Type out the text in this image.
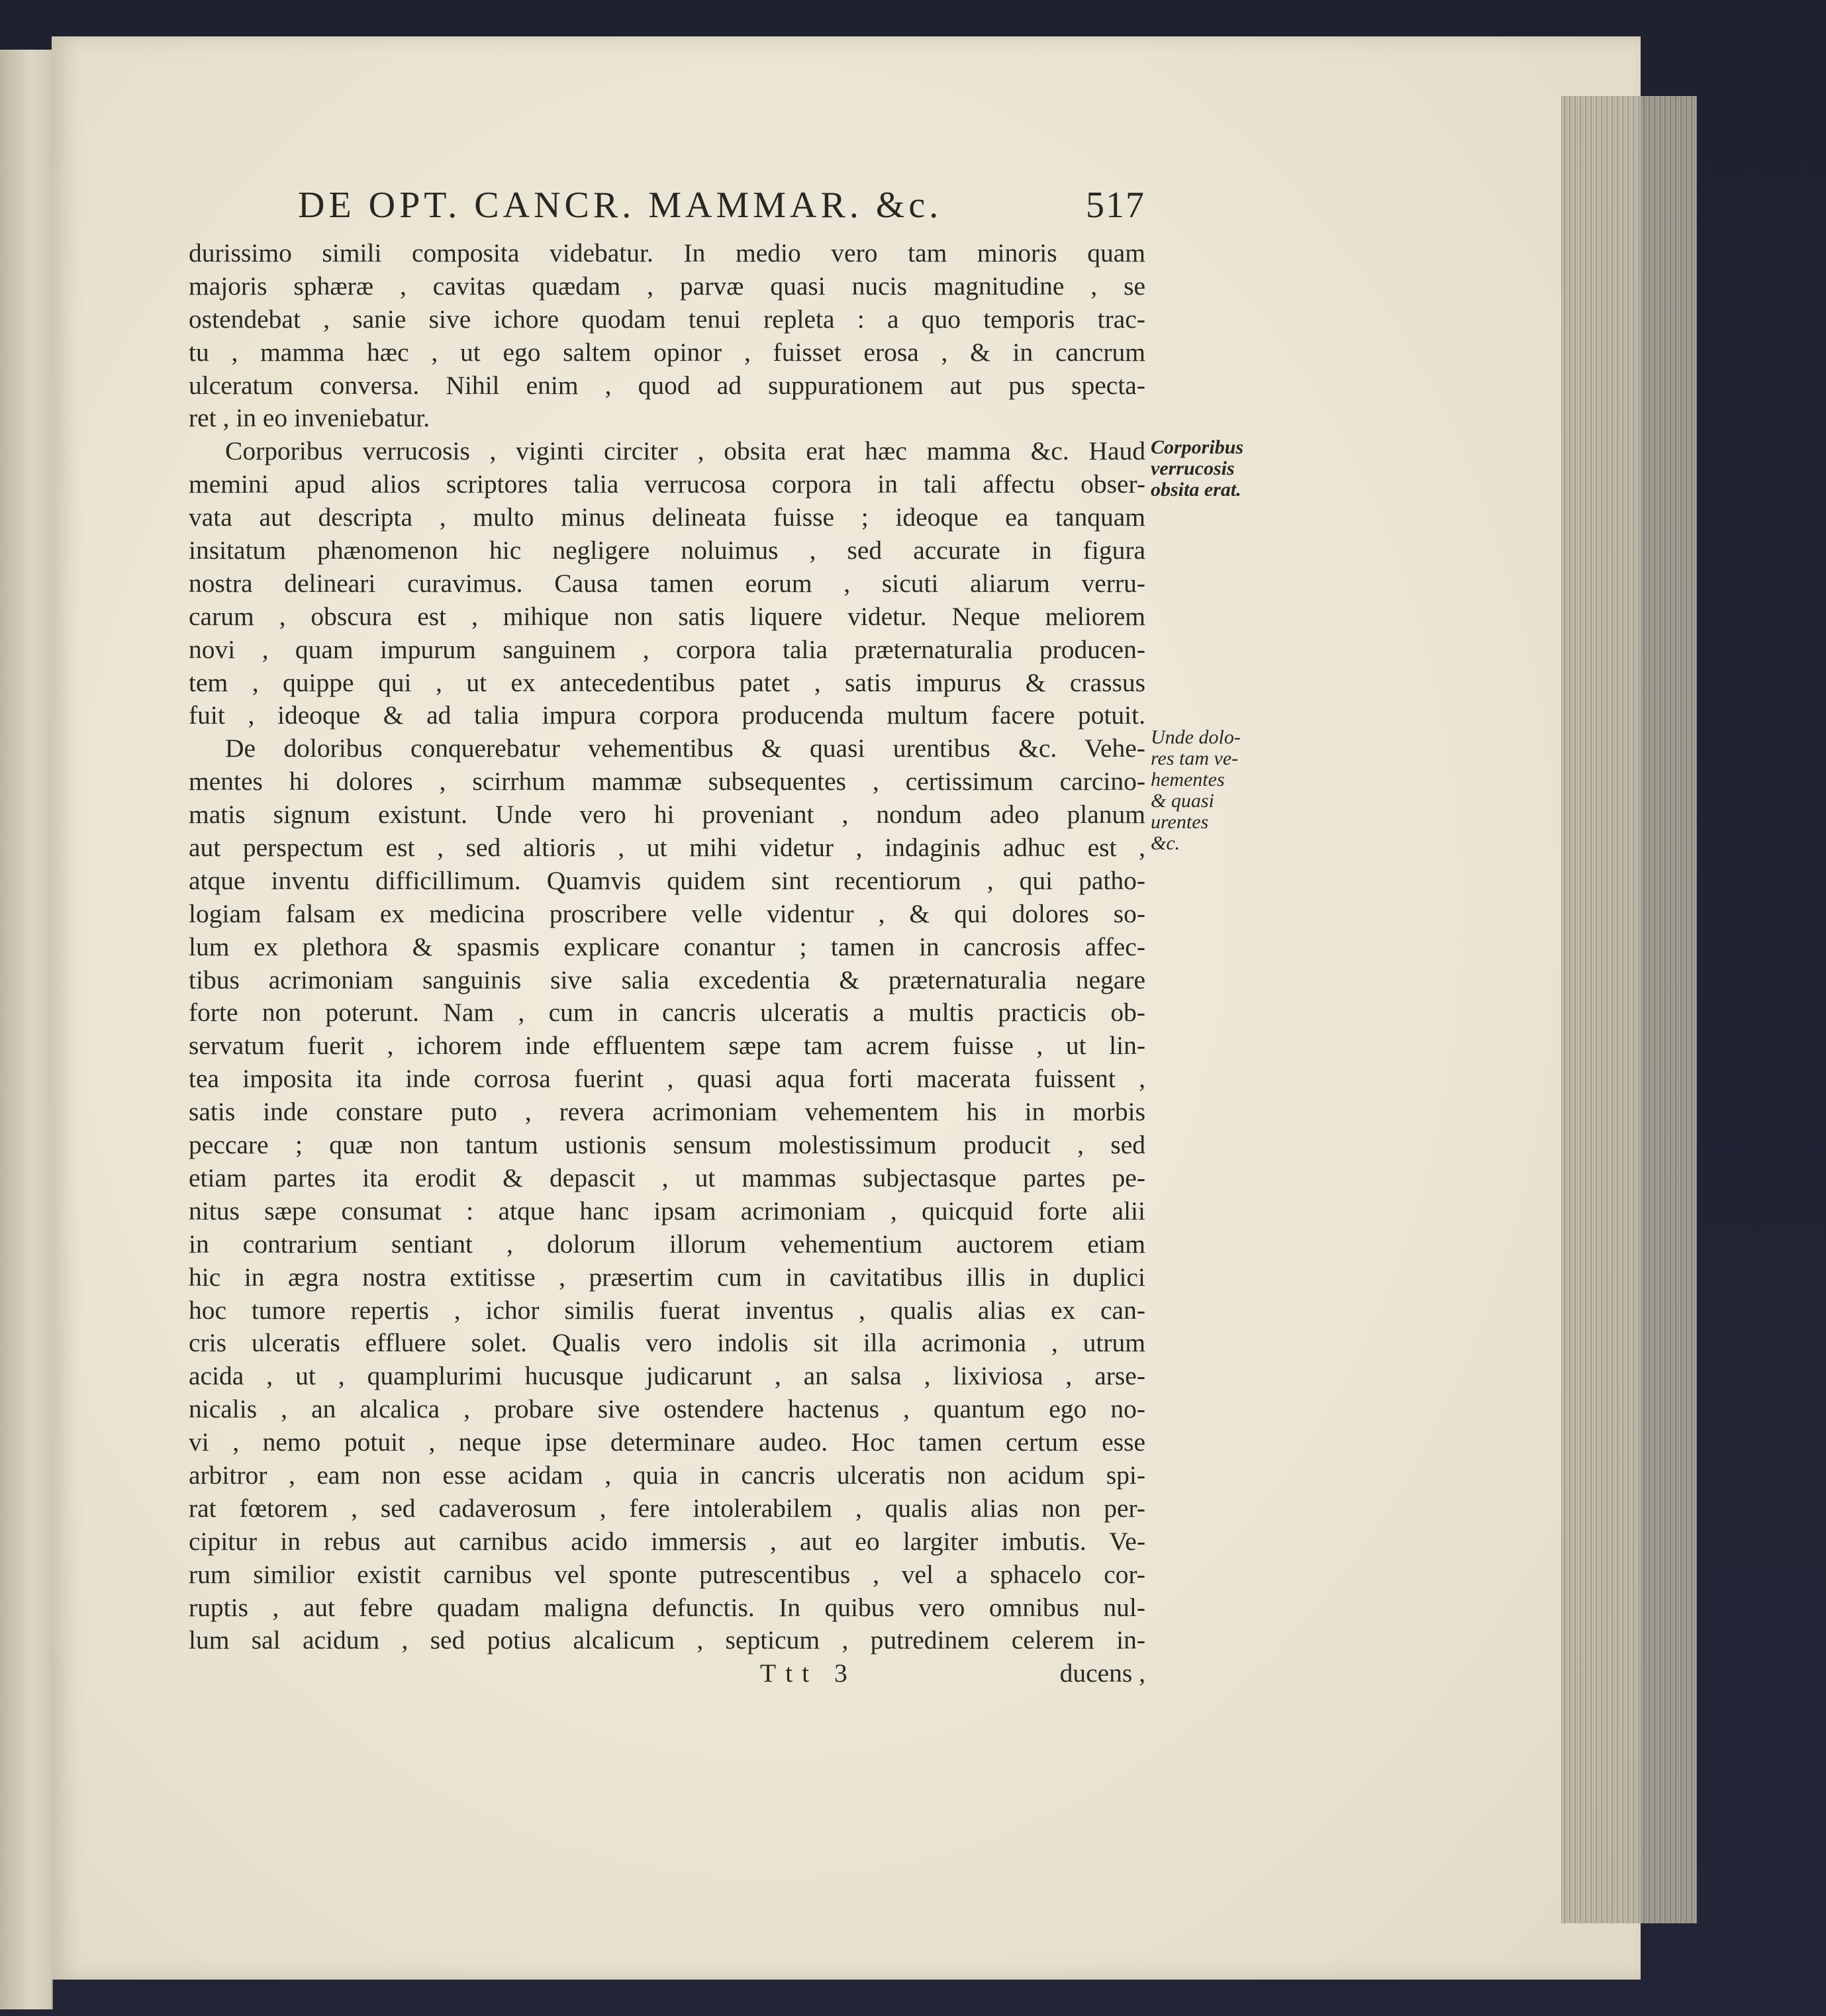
DE OPT. CANCR. MAMMAR. &c.	517
durissimo simili composita videbatur. In medio vero tam minoris quam
majoris sphæræ , cavitas quædam , parvæ quasi nucis magnitudine , se
ostendebat , sanie sive ichore quodam tenui repleta : a quo temporis trac-
tu , mamma hæc , ut ego saltem opinor , fuisset erosa , & in cancrum
ulceratum conversa. Nihil enim , quod ad suppurationem aut pus specta-
ret , in eo inveniebatur.
Corporibus verrucosis , viginti circiter , obsita erat hæc mamma &c. Haud
memini apud alios scriptores talia verrucosa corpora in tali affectu obser-
vata aut descripta , multo minus delineata fuisse ; ideoque ea tanquam
insitatum phænomenon hic negligere noluimus , sed accurate in figura
nostra delineari curavimus. Causa tamen eorum , sicuti aliarum verru-
carum , obscura est , mihique non satis liquere videtur. Neque meliorem
novi , quam impurum sanguinem , corpora talia præternaturalia producen-
tem , quippe qui , ut ex antecedentibus patet , satis impurus & crassus
fuit , ideoque & ad talia impura corpora producenda multum facere potuit.
De doloribus conquerebatur vehementibus & quasi urentibus &c. Vehe-
mentes hi dolores , scirrhum mammæ subsequentes , certissimum carcino-
matis signum existunt. Unde vero hi proveniant , nondum adeo planum
aut perspectum est , sed altioris , ut mihi videtur , indaginis adhuc est ,
atque inventu difficillimum. Quamvis quidem sint recentiorum , qui patho-
logiam falsam ex medicina proscribere velle videntur , & qui dolores so-
lum ex plethora & spasmis explicare conantur ; tamen in cancrosis affec-
tibus acrimoniam sanguinis sive salia excedentia & præternaturalia negare
forte non poterunt. Nam , cum in cancris ulceratis a multis practicis ob-
servatum fuerit , ichorem inde effluentem sæpe tam acrem fuisse , ut lin-
tea imposita ita inde corrosa fuerint , quasi aqua forti macerata fuissent ,
satis inde constare puto , revera acrimoniam vehementem his in morbis
peccare ; quæ non tantum ustionis sensum molestissimum producit , sed
etiam partes ita erodit & depascit , ut mammas subjectasque partes pe-
nitus sæpe consumat : atque hanc ipsam acrimoniam , quicquid forte alii
in contrarium sentiant , dolorum illorum vehementium auctorem etiam
hic in ægra nostra extitisse , præsertim cum in cavitatibus illis in duplici
hoc tumore repertis , ichor similis fuerat inventus , qualis alias ex can-
cris ulceratis effluere solet. Qualis vero indolis sit illa acrimonia , utrum
acida , ut , quamplurimi hucusque judicarunt , an salsa , lixiviosa , arse-
nicalis , an alcalica , probare sive ostendere hactenus , quantum ego no-
vi , nemo potuit , neque ipse determinare audeo. Hoc tamen certum esse
arbitror , eam non esse acidam , quia in cancris ulceratis non acidum spi-
rat fœtorem , sed cadaverosum , fere intolerabilem , qualis alias non per-
cipitur in rebus aut carnibus acido immersis , aut eo largiter imbutis. Ve-
rum similior existit carnibus vel sponte putrescentibus , vel a sphacelo cor-
ruptis , aut febre quadam maligna defunctis. In quibus vero omnibus nul-
lum sal acidum , sed potius alcalicum , septicum , putredinem celerem in-
Ttt 3	ducens ,
Corporibus
verrucosis
obsita erat.
Unde dolo-
res tam ve-
hementes
& quasi
urentes
&c.
